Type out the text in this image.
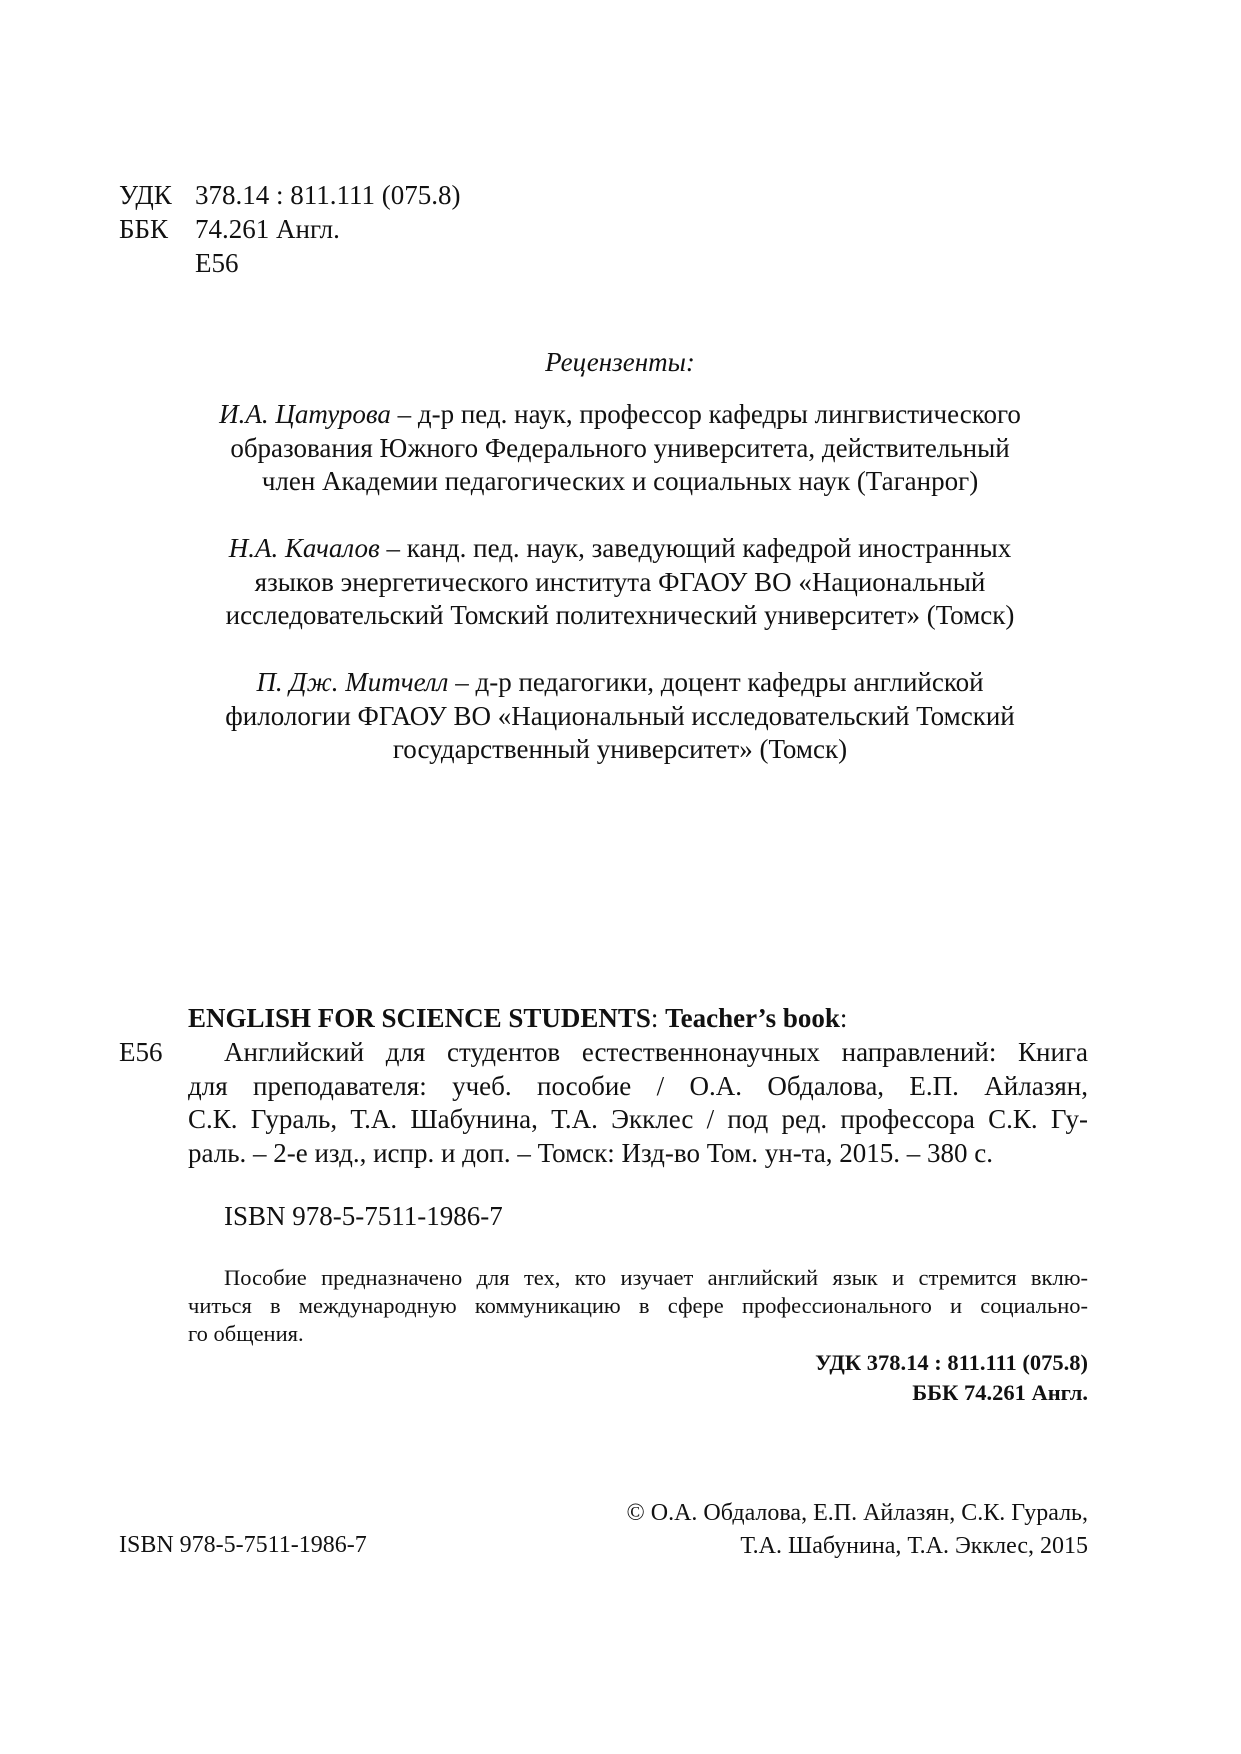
УДК 378.14 : 811.111 (075.8)
ББК 74.261 Англ.
Е56
Рецензенты:

И.А. Цатурова – д-р пед. наук, профессор кафедры лингвистического

образования Южного Федерального университета, действительный

член Академии педагогических и социальных наук (Таганрог)

Н.А. Качалов – канд. пед. наук, заведующий кафедрой иностранных

языков энергетического института ФГАОУ ВО «Национальный

исследовательский Томский политехнический университет» (Томск)

П. Дж. Митчелл – д-р педагогики, доцент кафедры английской

филологии ФГАОУ ВО «Национальный исследовательский Томский

государственный университет» (Томск)

ENGLISH FOR SCIENCE STUDENTS: Teacher’s book:
Е56 Английский для студентов естественнонаучных направлений: Книга
для преподавателя: учеб. пособие / О.А. Обдалова, Е.П. Айлазян,
С.К. Гураль, Т.А. Шабунина, Т.А. Экклес / под ред. профессора С.К. Гу-
раль. – 2-е изд., испр. и доп. – Томск: Изд-во Том. ун-та, 2015. – 380 с.
ISBN 978-5-7511-1986-7
Пособие предназначено для тех, кто изучает английский язык и стремится вклю-
читься в международную коммуникацию в сфере профессионального и социально-
го общения.
УДК 378.14 : 811.111 (075.8)
ББК 74.261 Англ.
ISBN 978-5-7511-1986-7
© О.А. Обдалова, Е.П. Айлазян, С.К. Гураль,
Т.А. Шабунина, Т.А. Экклес, 2015
